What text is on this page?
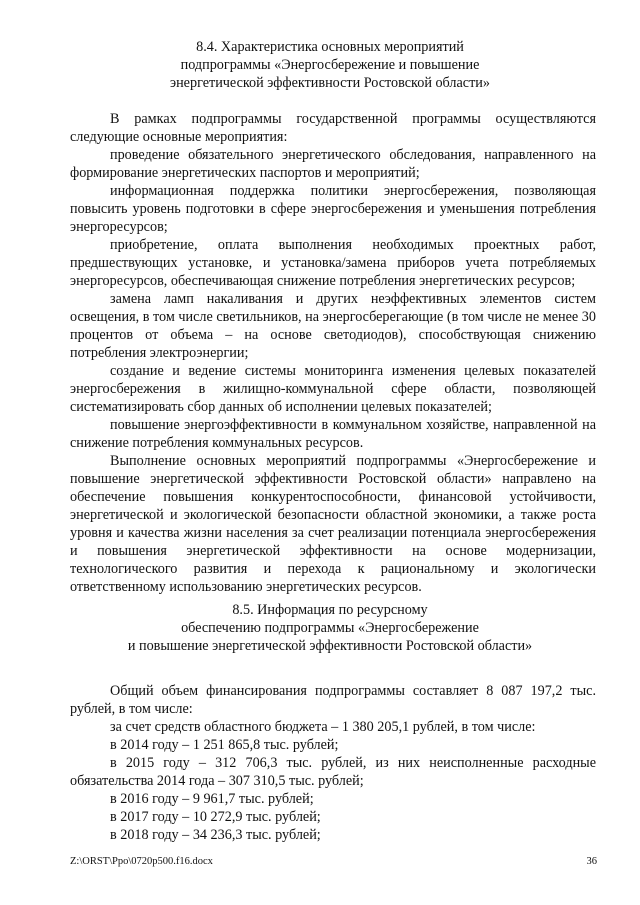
8.4. Характеристика основных мероприятий
подпрограммы «Энергосбережение и повышение
энергетической эффективности Ростовской области»

В рамках подпрограммы государственной программы осуществляются следующие основные мероприятия:

проведение обязательного энергетического обследования, направленного на формирование энергетических паспортов и мероприятий;

информационная поддержка политики энергосбережения, позволяющая повысить уровень подготовки в сфере энергосбережения и уменьшения потребления энергоресурсов;

приобретение, оплата выполнения необходимых проектных работ, предшествующих установке, и установка/замена приборов учета потребляемых энергоресурсов, обеспечивающая снижение потребления энергетических ресурсов;

замена ламп накаливания и других неэффективных элементов систем освещения, в том числе светильников, на энергосберегающие (в том числе не менее 30 процентов от объема – на основе светодиодов), способствующая снижению потребления электроэнергии;

создание и ведение системы мониторинга изменения целевых показателей энергосбережения в жилищно-коммунальной сфере области, позволяющей систематизировать сбор данных об исполнении целевых показателей;

повышение энергоэффективности в коммунальном хозяйстве, направленной на снижение потребления коммунальных ресурсов.

Выполнение основных мероприятий подпрограммы «Энергосбережение и повышение энергетической эффективности Ростовской области» направлено на обеспечение повышения конкурентоспособности, финансовой устойчивости, энергетической и экологической безопасности областной экономики, а также роста уровня и качества жизни населения за счет реализации потенциала энергосбережения и повышения энергетической эффективности на основе модернизации, технологического развития и перехода к рациональному и экологически ответственному использованию энергетических ресурсов.

8.5. Информация по ресурсному
обеспечению подпрограммы «Энергосбережение
и повышение энергетической эффективности Ростовской области»

Общий объем финансирования подпрограммы составляет 8 087 197,2 тыс. рублей, в том числе:

за счет средств областного бюджета – 1 380 205,1 рублей, в том числе:

в 2014 году – 1 251 865,8 тыс. рублей;

в 2015 году – 312 706,3 тыс. рублей, из них неисполненные расходные обязательства 2014 года – 307 310,5 тыс. рублей;

в 2016 году – 9 961,7 тыс. рублей;

в 2017 году – 10 272,9 тыс. рублей;

в 2018 году – 34 236,3 тыс. рублей;

Z:\ORST\Ppo\0720p500.f16.docx	36
